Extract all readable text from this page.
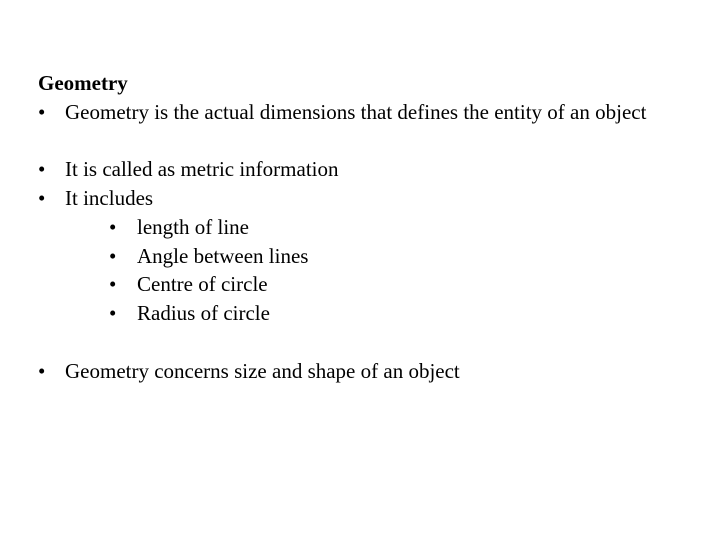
Geometry
• Geometry is the actual dimensions that defines the entity of an object
• It is called as metric information
• It includes
• length of line
• Angle between lines
• Centre of circle
• Radius of circle
• Geometry concerns size and shape of an object
